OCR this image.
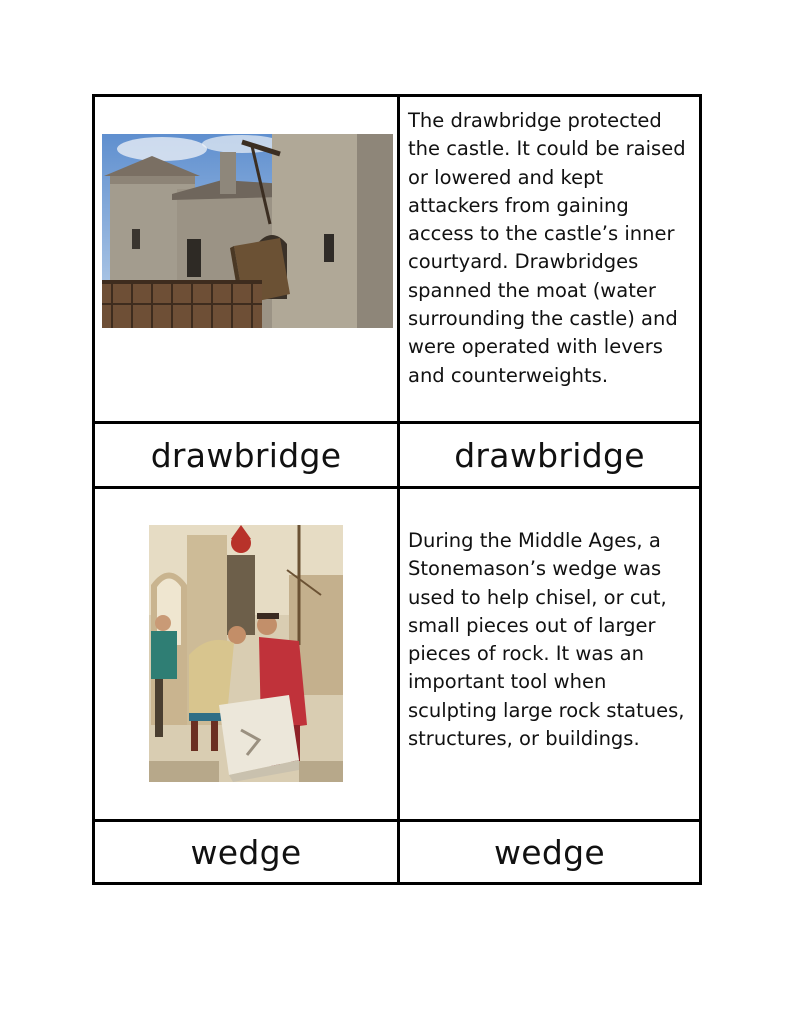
The drawbridge protected the castle. It could be raised or lowered and kept attackers from gaining access to the castle’s inner courtyard. Drawbridges spanned the moat (water surrounding the castle) and were operated with levers and counterweights.
drawbridge	drawbridge
During the Middle Ages, a Stonemason’s wedge was used to help chisel, or cut, small pieces out of larger pieces of rock. It was an important tool when sculpting large rock statues, structures, or buildings.
wedge	wedge
